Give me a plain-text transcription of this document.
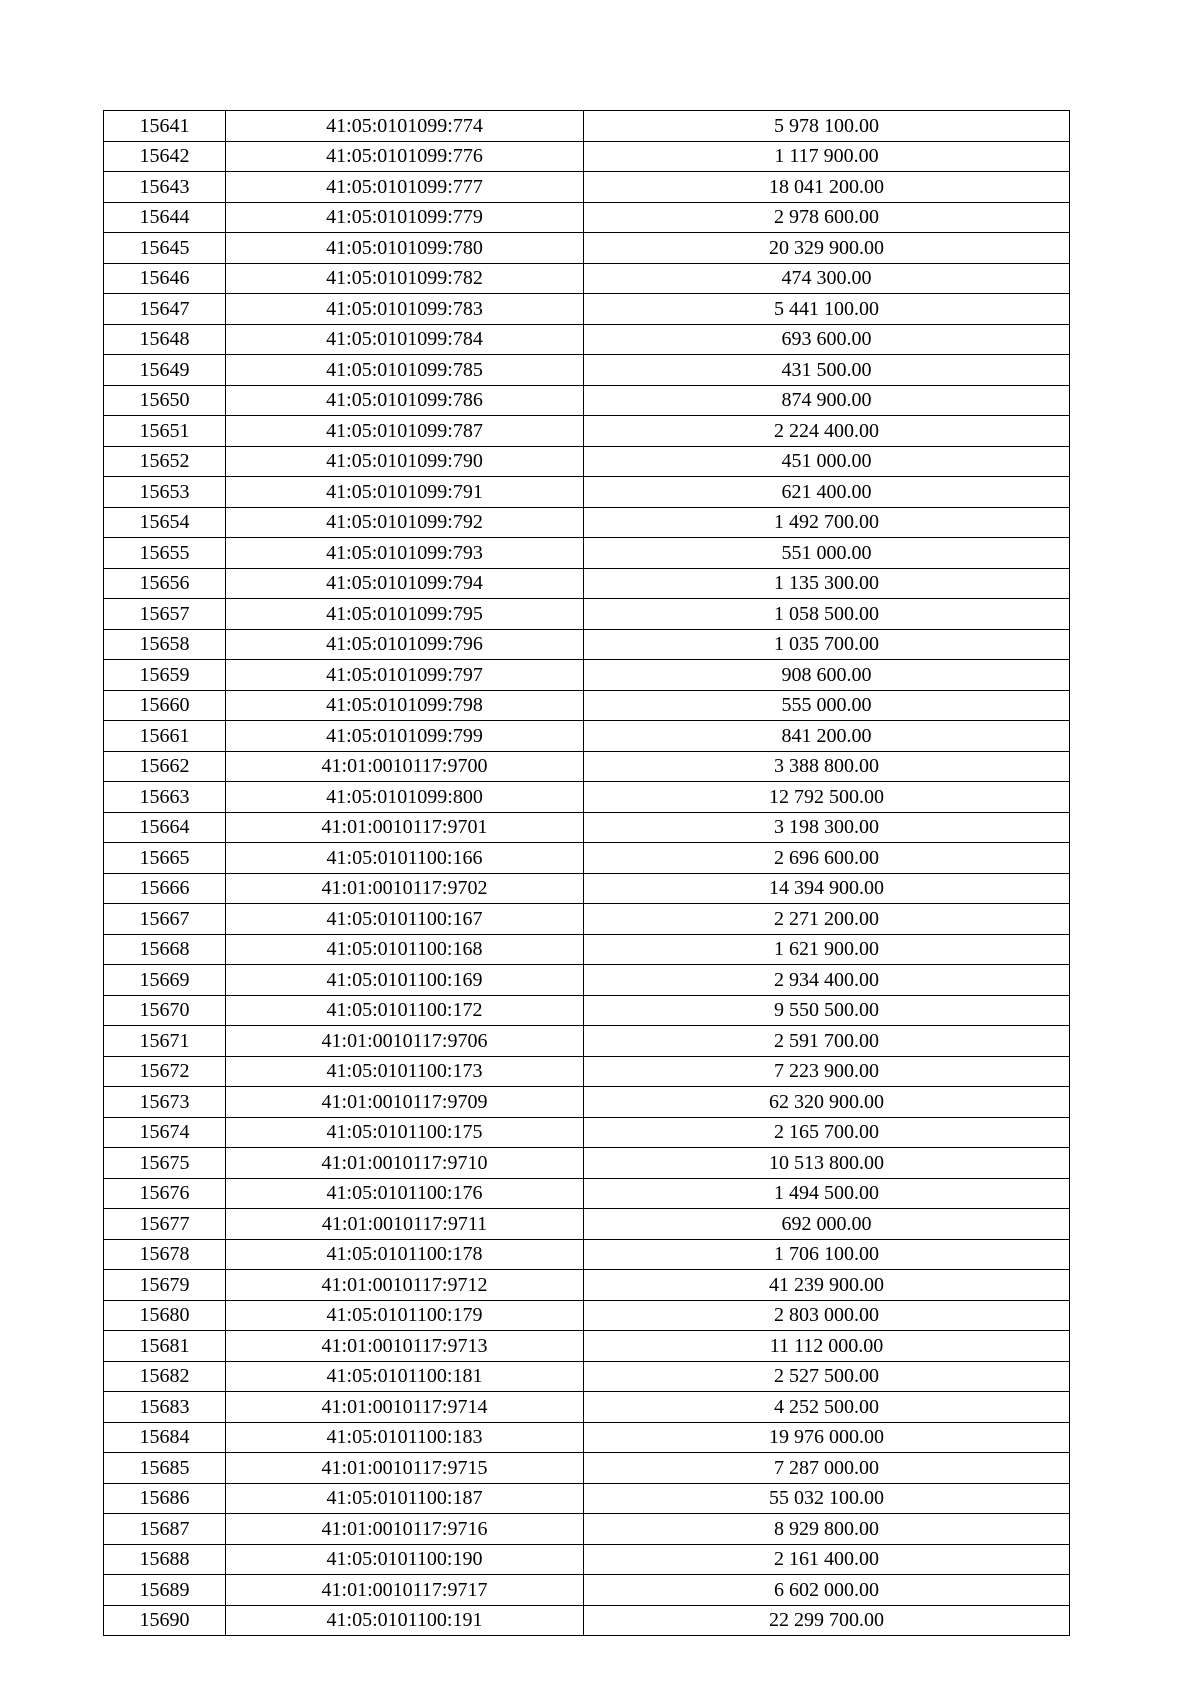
15641	41:05:0101099:774	5 978 100.00
15642	41:05:0101099:776	1 117 900.00
15643	41:05:0101099:777	18 041 200.00
15644	41:05:0101099:779	2 978 600.00
15645	41:05:0101099:780	20 329 900.00
15646	41:05:0101099:782	474 300.00
15647	41:05:0101099:783	5 441 100.00
15648	41:05:0101099:784	693 600.00
15649	41:05:0101099:785	431 500.00
15650	41:05:0101099:786	874 900.00
15651	41:05:0101099:787	2 224 400.00
15652	41:05:0101099:790	451 000.00
15653	41:05:0101099:791	621 400.00
15654	41:05:0101099:792	1 492 700.00
15655	41:05:0101099:793	551 000.00
15656	41:05:0101099:794	1 135 300.00
15657	41:05:0101099:795	1 058 500.00
15658	41:05:0101099:796	1 035 700.00
15659	41:05:0101099:797	908 600.00
15660	41:05:0101099:798	555 000.00
15661	41:05:0101099:799	841 200.00
15662	41:01:0010117:9700	3 388 800.00
15663	41:05:0101099:800	12 792 500.00
15664	41:01:0010117:9701	3 198 300.00
15665	41:05:0101100:166	2 696 600.00
15666	41:01:0010117:9702	14 394 900.00
15667	41:05:0101100:167	2 271 200.00
15668	41:05:0101100:168	1 621 900.00
15669	41:05:0101100:169	2 934 400.00
15670	41:05:0101100:172	9 550 500.00
15671	41:01:0010117:9706	2 591 700.00
15672	41:05:0101100:173	7 223 900.00
15673	41:01:0010117:9709	62 320 900.00
15674	41:05:0101100:175	2 165 700.00
15675	41:01:0010117:9710	10 513 800.00
15676	41:05:0101100:176	1 494 500.00
15677	41:01:0010117:9711	692 000.00
15678	41:05:0101100:178	1 706 100.00
15679	41:01:0010117:9712	41 239 900.00
15680	41:05:0101100:179	2 803 000.00
15681	41:01:0010117:9713	11 112 000.00
15682	41:05:0101100:181	2 527 500.00
15683	41:01:0010117:9714	4 252 500.00
15684	41:05:0101100:183	19 976 000.00
15685	41:01:0010117:9715	7 287 000.00
15686	41:05:0101100:187	55 032 100.00
15687	41:01:0010117:9716	8 929 800.00
15688	41:05:0101100:190	2 161 400.00
15689	41:01:0010117:9717	6 602 000.00
15690	41:05:0101100:191	22 299 700.00
